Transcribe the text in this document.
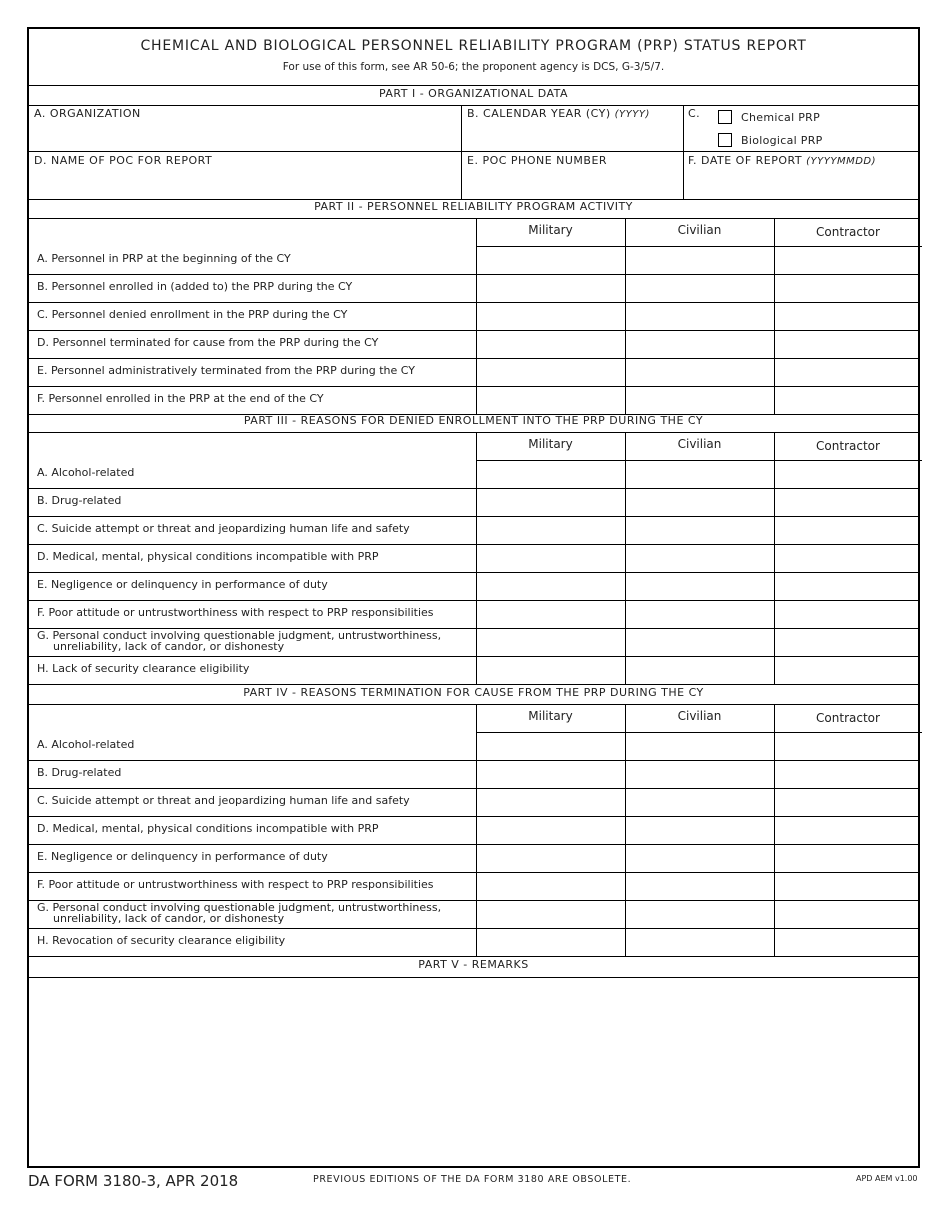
CHEMICAL AND BIOLOGICAL PERSONNEL RELIABILITY PROGRAM (PRP) STATUS REPORT
For use of this form, see AR 50-6; the proponent agency is DCS, G-3/5/7.
PART I - ORGANIZATIONAL DATA
A. ORGANIZATION	B. CALENDAR YEAR (CY) (YYYY)	C.	Chemical PRP
Biological PRP
D. NAME OF POC FOR REPORT	E. POC PHONE NUMBER	F. DATE OF REPORT (YYYYMMDD)
PART II - PERSONNEL RELIABILITY PROGRAM ACTIVITY
Military	Civilian	Contractor
A. Personnel in PRP at the beginning of the CY
B. Personnel enrolled in (added to) the PRP during the CY
C. Personnel denied enrollment in the PRP during the CY
D. Personnel terminated for cause from the PRP during the CY
E. Personnel administratively terminated from the PRP during the CY
F. Personnel enrolled in the PRP at the end of the CY
PART III - REASONS FOR DENIED ENROLLMENT INTO THE PRP DURING THE CY
Military	Civilian	Contractor
A. Alcohol-related
B. Drug-related
C. Suicide attempt or threat and jeopardizing human life and safety
D. Medical, mental, physical conditions incompatible with PRP
E. Negligence or delinquency in performance of duty
F. Poor attitude or untrustworthiness with respect to PRP responsibilities
G. Personal conduct involving questionable judgment, untrustworthiness,
unreliability, lack of candor, or dishonesty
H. Lack of security clearance eligibility
PART IV - REASONS TERMINATION FOR CAUSE FROM THE PRP DURING THE CY
Military	Civilian	Contractor
A. Alcohol-related
B. Drug-related
C. Suicide attempt or threat and jeopardizing human life and safety
D. Medical, mental, physical conditions incompatible with PRP
E. Negligence or delinquency in performance of duty
F. Poor attitude or untrustworthiness with respect to PRP responsibilities
G. Personal conduct involving questionable judgment, untrustworthiness,
unreliability, lack of candor, or dishonesty
H. Revocation of security clearance eligibility
PART V - REMARKS
DA FORM 3180-3, APR 2018	PREVIOUS EDITIONS OF THE DA FORM 3180 ARE OBSOLETE.	APD AEM v1.00
